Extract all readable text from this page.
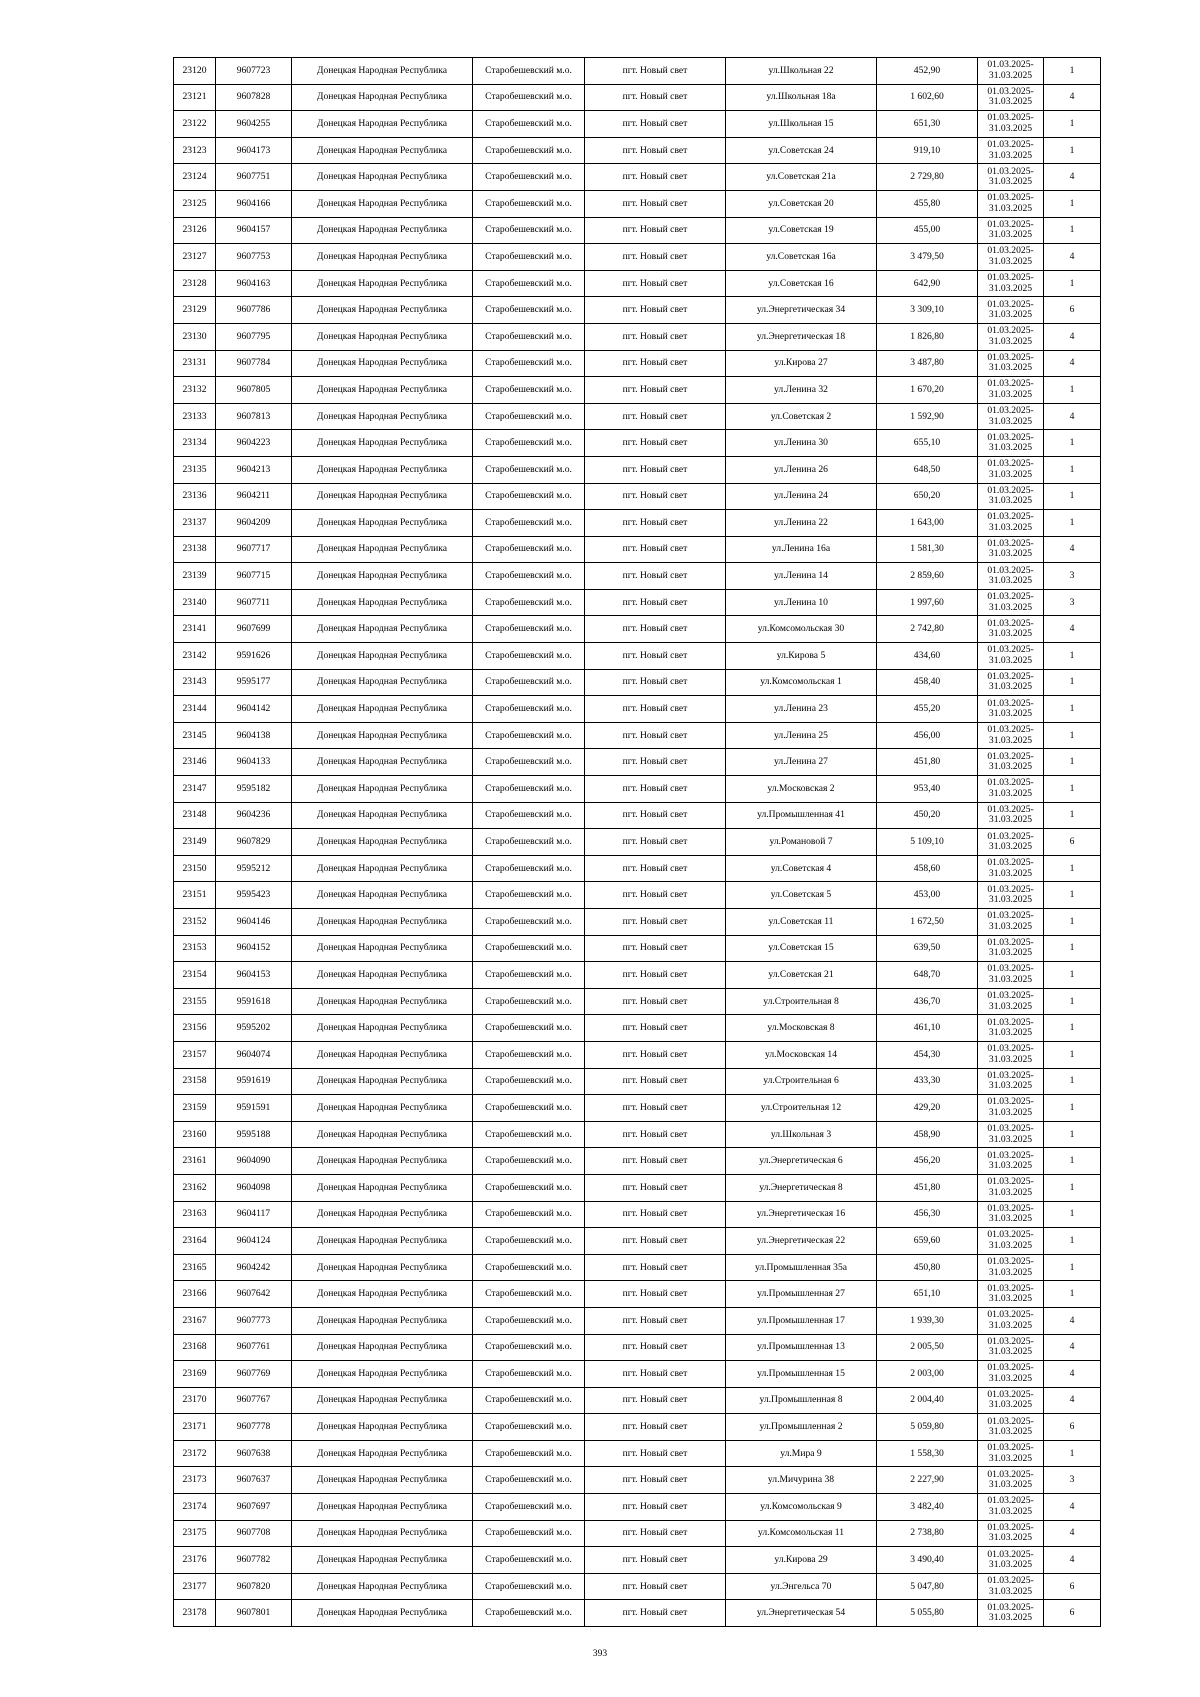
23120	9607723	Донецкая Народная Республика	Старобешевский м.о.	пгт. Новый свет	ул.Школьная 22	452,90	01.03.2025- 31.03.2025	1
23121	9607828	Донецкая Народная Республика	Старобешевский м.о.	пгт. Новый свет	ул.Школьная 18а	1 602,60	01.03.2025- 31.03.2025	4
23122	9604255	Донецкая Народная Республика	Старобешевский м.о.	пгт. Новый свет	ул.Школьная 15	651,30	01.03.2025- 31.03.2025	1
23123	9604173	Донецкая Народная Республика	Старобешевский м.о.	пгт. Новый свет	ул.Советская 24	919,10	01.03.2025- 31.03.2025	1
23124	9607751	Донецкая Народная Республика	Старобешевский м.о.	пгт. Новый свет	ул.Советская 21а	2 729,80	01.03.2025- 31.03.2025	4
23125	9604166	Донецкая Народная Республика	Старобешевский м.о.	пгт. Новый свет	ул.Советская 20	455,80	01.03.2025- 31.03.2025	1
23126	9604157	Донецкая Народная Республика	Старобешевский м.о.	пгт. Новый свет	ул.Советская 19	455,00	01.03.2025- 31.03.2025	1
23127	9607753	Донецкая Народная Республика	Старобешевский м.о.	пгт. Новый свет	ул.Советская 16а	3 479,50	01.03.2025- 31.03.2025	4
23128	9604163	Донецкая Народная Республика	Старобешевский м.о.	пгт. Новый свет	ул.Советская 16	642,90	01.03.2025- 31.03.2025	1
23129	9607786	Донецкая Народная Республика	Старобешевский м.о.	пгт. Новый свет	ул.Энергетическая 34	3 309,10	01.03.2025- 31.03.2025	6
23130	9607795	Донецкая Народная Республика	Старобешевский м.о.	пгт. Новый свет	ул.Энергетическая 18	1 826,80	01.03.2025- 31.03.2025	4
23131	9607784	Донецкая Народная Республика	Старобешевский м.о.	пгт. Новый свет	ул.Кирова 27	3 487,80	01.03.2025- 31.03.2025	4
23132	9607805	Донецкая Народная Республика	Старобешевский м.о.	пгт. Новый свет	ул.Ленина 32	1 670,20	01.03.2025- 31.03.2025	1
23133	9607813	Донецкая Народная Республика	Старобешевский м.о.	пгт. Новый свет	ул.Советская 2	1 592,90	01.03.2025- 31.03.2025	4
23134	9604223	Донецкая Народная Республика	Старобешевский м.о.	пгт. Новый свет	ул.Ленина 30	655,10	01.03.2025- 31.03.2025	1
23135	9604213	Донецкая Народная Республика	Старобешевский м.о.	пгт. Новый свет	ул.Ленина 26	648,50	01.03.2025- 31.03.2025	1
23136	9604211	Донецкая Народная Республика	Старобешевский м.о.	пгт. Новый свет	ул.Ленина 24	650,20	01.03.2025- 31.03.2025	1
23137	9604209	Донецкая Народная Республика	Старобешевский м.о.	пгт. Новый свет	ул.Ленина 22	1 643,00	01.03.2025- 31.03.2025	1
23138	9607717	Донецкая Народная Республика	Старобешевский м.о.	пгт. Новый свет	ул.Ленина 16а	1 581,30	01.03.2025- 31.03.2025	4
23139	9607715	Донецкая Народная Республика	Старобешевский м.о.	пгт. Новый свет	ул.Ленина 14	2 859,60	01.03.2025- 31.03.2025	3
23140	9607711	Донецкая Народная Республика	Старобешевский м.о.	пгт. Новый свет	ул.Ленина 10	1 997,60	01.03.2025- 31.03.2025	3
23141	9607699	Донецкая Народная Республика	Старобешевский м.о.	пгт. Новый свет	ул.Комсомольская 30	2 742,80	01.03.2025- 31.03.2025	4
23142	9591626	Донецкая Народная Республика	Старобешевский м.о.	пгт. Новый свет	ул.Кирова 5	434,60	01.03.2025- 31.03.2025	1
23143	9595177	Донецкая Народная Республика	Старобешевский м.о.	пгт. Новый свет	ул.Комсомольская 1	458,40	01.03.2025- 31.03.2025	1
23144	9604142	Донецкая Народная Республика	Старобешевский м.о.	пгт. Новый свет	ул.Ленина 23	455,20	01.03.2025- 31.03.2025	1
23145	9604138	Донецкая Народная Республика	Старобешевский м.о.	пгт. Новый свет	ул.Ленина 25	456,00	01.03.2025- 31.03.2025	1
23146	9604133	Донецкая Народная Республика	Старобешевский м.о.	пгт. Новый свет	ул.Ленина 27	451,80	01.03.2025- 31.03.2025	1
23147	9595182	Донецкая Народная Республика	Старобешевский м.о.	пгт. Новый свет	ул.Московская 2	953,40	01.03.2025- 31.03.2025	1
23148	9604236	Донецкая Народная Республика	Старобешевский м.о.	пгт. Новый свет	ул.Промышленная 41	450,20	01.03.2025- 31.03.2025	1
23149	9607829	Донецкая Народная Республика	Старобешевский м.о.	пгт. Новый свет	ул.Романовой 7	5 109,10	01.03.2025- 31.03.2025	6
23150	9595212	Донецкая Народная Республика	Старобешевский м.о.	пгт. Новый свет	ул.Советская 4	458,60	01.03.2025- 31.03.2025	1
23151	9595423	Донецкая Народная Республика	Старобешевский м.о.	пгт. Новый свет	ул.Советская 5	453,00	01.03.2025- 31.03.2025	1
23152	9604146	Донецкая Народная Республика	Старобешевский м.о.	пгт. Новый свет	ул.Советская 11	1 672,50	01.03.2025- 31.03.2025	1
23153	9604152	Донецкая Народная Республика	Старобешевский м.о.	пгт. Новый свет	ул.Советская 15	639,50	01.03.2025- 31.03.2025	1
23154	9604153	Донецкая Народная Республика	Старобешевский м.о.	пгт. Новый свет	ул.Советская 21	648,70	01.03.2025- 31.03.2025	1
23155	9591618	Донецкая Народная Республика	Старобешевский м.о.	пгт. Новый свет	ул.Строительная 8	436,70	01.03.2025- 31.03.2025	1
23156	9595202	Донецкая Народная Республика	Старобешевский м.о.	пгт. Новый свет	ул.Московская 8	461,10	01.03.2025- 31.03.2025	1
23157	9604074	Донецкая Народная Республика	Старобешевский м.о.	пгт. Новый свет	ул.Московская 14	454,30	01.03.2025- 31.03.2025	1
23158	9591619	Донецкая Народная Республика	Старобешевский м.о.	пгт. Новый свет	ул.Строительная 6	433,30	01.03.2025- 31.03.2025	1
23159	9591591	Донецкая Народная Республика	Старобешевский м.о.	пгт. Новый свет	ул.Строительная 12	429,20	01.03.2025- 31.03.2025	1
23160	9595188	Донецкая Народная Республика	Старобешевский м.о.	пгт. Новый свет	ул.Школьная 3	458,90	01.03.2025- 31.03.2025	1
23161	9604090	Донецкая Народная Республика	Старобешевский м.о.	пгт. Новый свет	ул.Энергетическая 6	456,20	01.03.2025- 31.03.2025	1
23162	9604098	Донецкая Народная Республика	Старобешевский м.о.	пгт. Новый свет	ул.Энергетическая 8	451,80	01.03.2025- 31.03.2025	1
23163	9604117	Донецкая Народная Республика	Старобешевский м.о.	пгт. Новый свет	ул.Энергетическая 16	456,30	01.03.2025- 31.03.2025	1
23164	9604124	Донецкая Народная Республика	Старобешевский м.о.	пгт. Новый свет	ул.Энергетическая 22	659,60	01.03.2025- 31.03.2025	1
23165	9604242	Донецкая Народная Республика	Старобешевский м.о.	пгт. Новый свет	ул.Промышленная 35а	450,80	01.03.2025- 31.03.2025	1
23166	9607642	Донецкая Народная Республика	Старобешевский м.о.	пгт. Новый свет	ул.Промышленная 27	651,10	01.03.2025- 31.03.2025	1
23167	9607773	Донецкая Народная Республика	Старобешевский м.о.	пгт. Новый свет	ул.Промышленная 17	1 939,30	01.03.2025- 31.03.2025	4
23168	9607761	Донецкая Народная Республика	Старобешевский м.о.	пгт. Новый свет	ул.Промышленная 13	2 005,50	01.03.2025- 31.03.2025	4
23169	9607769	Донецкая Народная Республика	Старобешевский м.о.	пгт. Новый свет	ул.Промышленная 15	2 003,00	01.03.2025- 31.03.2025	4
23170	9607767	Донецкая Народная Республика	Старобешевский м.о.	пгт. Новый свет	ул.Промышленная 8	2 004,40	01.03.2025- 31.03.2025	4
23171	9607778	Донецкая Народная Республика	Старобешевский м.о.	пгт. Новый свет	ул.Промышленная 2	5 059,80	01.03.2025- 31.03.2025	6
23172	9607638	Донецкая Народная Республика	Старобешевский м.о.	пгт. Новый свет	ул.Мира 9	1 558,30	01.03.2025- 31.03.2025	1
23173	9607637	Донецкая Народная Республика	Старобешевский м.о.	пгт. Новый свет	ул.Мичурина 38	2 227,90	01.03.2025- 31.03.2025	3
23174	9607697	Донецкая Народная Республика	Старобешевский м.о.	пгт. Новый свет	ул.Комсомольская 9	3 482,40	01.03.2025- 31.03.2025	4
23175	9607708	Донецкая Народная Республика	Старобешевский м.о.	пгт. Новый свет	ул.Комсомольская 11	2 738,80	01.03.2025- 31.03.2025	4
23176	9607782	Донецкая Народная Республика	Старобешевский м.о.	пгт. Новый свет	ул.Кирова 29	3 490,40	01.03.2025- 31.03.2025	4
23177	9607820	Донецкая Народная Республика	Старобешевский м.о.	пгт. Новый свет	ул.Энгельса 70	5 047,80	01.03.2025- 31.03.2025	6
23178	9607801	Донецкая Народная Республика	Старобешевский м.о.	пгт. Новый свет	ул.Энергетическая 54	5 055,80	01.03.2025- 31.03.2025	6
393
